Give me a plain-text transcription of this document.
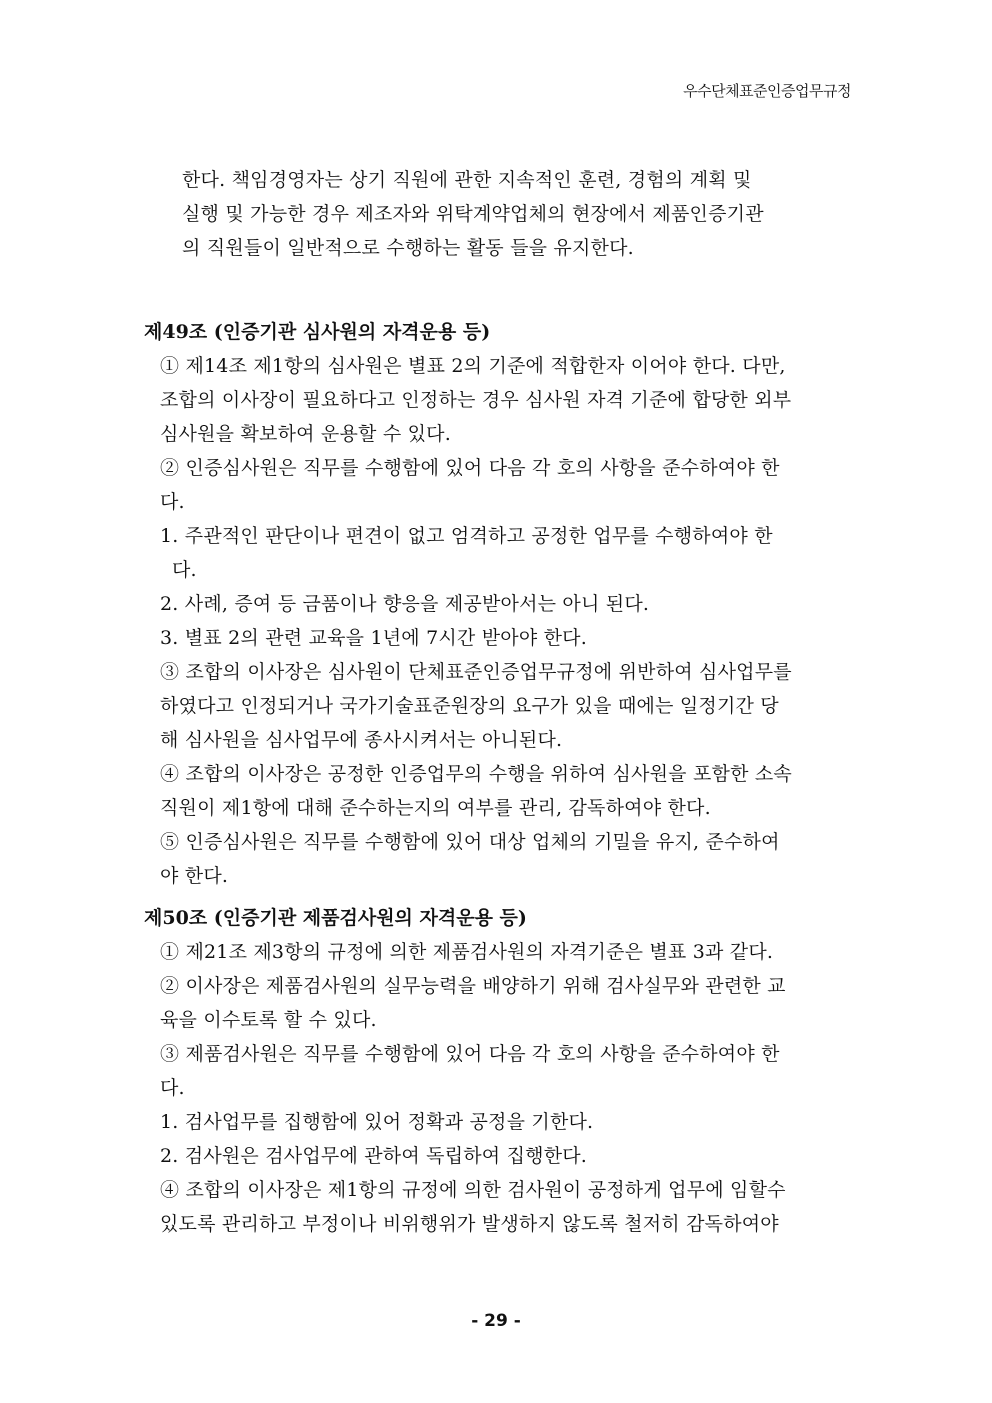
우수단체표준인증업무규정
한다. 책임경영자는 상기 직원에 관한 지속적인 훈련, 경험의 계획 및
실행 및 가능한 경우 제조자와 위탁계약업체의 현장에서 제품인증기관
의 직원들이 일반적으로 수행하는 활동 들을 유지한다.
제49조 (인증기관 심사원의 자격운용 등)
① 제14조 제1항의 심사원은 별표 2의 기준에 적합한자 이어야 한다. 다만,
조합의 이사장이 필요하다고 인정하는 경우 심사원 자격 기준에 합당한 외부
심사원을 확보하여 운용할 수 있다.
② 인증심사원은 직무를 수행함에 있어 다음 각 호의 사항을 준수하여야 한
다.
1. 주관적인 판단이나 편견이 없고 엄격하고 공정한 업무를 수행하여야 한
다.
2. 사례, 증여 등 금품이나 향응을 제공받아서는 아니 된다.
3. 별표 2의 관련 교육을 1년에 7시간 받아야 한다.
③ 조합의 이사장은 심사원이 단체표준인증업무규정에 위반하여 심사업무를
하였다고 인정되거나 국가기술표준원장의 요구가 있을 때에는 일정기간 당
해 심사원을 심사업무에 종사시켜서는 아니된다.
④ 조합의 이사장은 공정한 인증업무의 수행을 위하여 심사원을 포함한 소속
직원이 제1항에 대해 준수하는지의 여부를 관리, 감독하여야 한다.
⑤ 인증심사원은 직무를 수행함에 있어 대상 업체의 기밀을 유지, 준수하여
야 한다.
제50조 (인증기관 제품검사원의 자격운용 등)
① 제21조 제3항의 규정에 의한 제품검사원의 자격기준은 별표 3과 같다.
② 이사장은 제품검사원의 실무능력을 배양하기 위해 검사실무와 관련한 교
육을 이수토록 할 수 있다.
③ 제품검사원은 직무를 수행함에 있어 다음 각 호의 사항을 준수하여야 한
다.
1. 검사업무를 집행함에 있어 정확과 공정을 기한다.
2. 검사원은 검사업무에 관하여 독립하여 집행한다.
④ 조합의 이사장은 제1항의 규정에 의한 검사원이 공정하게 업무에 임할수
있도록 관리하고 부정이나 비위행위가 발생하지 않도록 철저히 감독하여야
- 29 -
